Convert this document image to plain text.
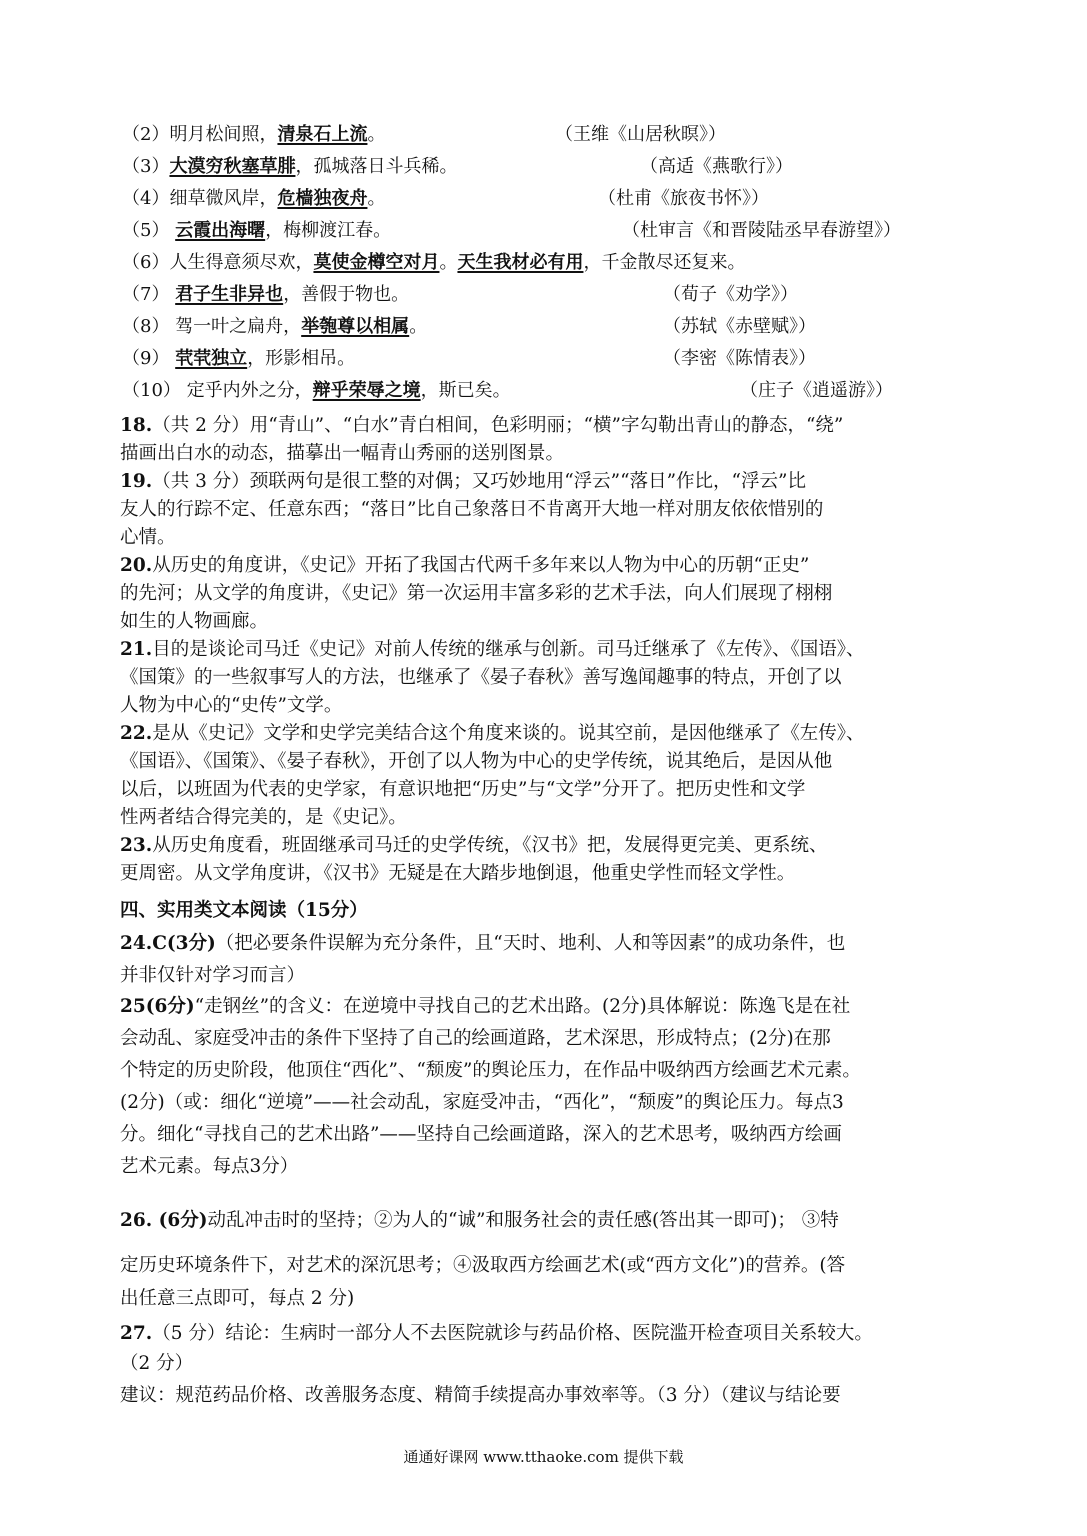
（2）明月松间照，清泉石上流。	（王维《山居秋暝》）
（3）大漠穷秋塞草腓，孤城落日斗兵稀。	（高适《燕歌行》）
（4）细草微风岸，危樯独夜舟。	（杜甫《旅夜书怀》）
（5） 云霞出海曙，梅柳渡江春。	（杜审言《和晋陵陆丞早春游望》）
（6）人生得意须尽欢，莫使金樽空对月。天生我材必有用，千金散尽还复来。
（7） 君子生非异也，善假于物也。	（荀子《劝学》）
（8） 驾一叶之扁舟，举匏尊以相属。	（苏轼《赤壁赋》）
（9） 茕茕独立，形影相吊。	（李密《陈情表》）
（10） 定乎内外之分，辩乎荣辱之境，斯已矣。	（庄子《逍遥游》）
18.（共 2 分）用“青山”、“白水”青白相间，色彩明丽；“横”字勾勒出青山的静态，“绕”
描画出白水的动态，描摹出一幅青山秀丽的送别图景。
19.（共 3 分）颈联两句是很工整的对偶；又巧妙地用“浮云”“落日”作比，“浮云”比
友人的行踪不定、任意东西；“落日”比自己象落日不肯离开大地一样对朋友依依惜别的
心情。
20.从历史的角度讲，《史记》开拓了我国古代两千多年来以人物为中心的历朝“正史”
的先河；从文学的角度讲，《史记》第一次运用丰富多彩的艺术手法，向人们展现了栩栩
如生的人物画廊。
21.目的是谈论司马迁《史记》对前人传统的继承与创新。司马迁继承了《左传》、《国语》、
《国策》的一些叙事写人的方法，也继承了《晏子春秋》善写逸闻趣事的特点，开创了以
人物为中心的“史传”文学。
22.是从《史记》文学和史学完美结合这个角度来谈的。说其空前，是因他继承了《左传》、
《国语》、《国策》、《晏子春秋》，开创了以人物为中心的史学传统，说其绝后，是因从他
以后，以班固为代表的史学家，有意识地把“历史”与“文学”分开了。把历史性和文学
性两者结合得完美的，是《史记》。
23.从历史角度看，班固继承司马迁的史学传统，《汉书》把，发展得更完美、更系统、
更周密。从文学角度讲，《汉书》无疑是在大踏步地倒退，他重史学性而轻文学性。
四、实用类文本阅读（15分）
24.C(3分)（把必要条件误解为充分条件，且“天时、地利、人和等因素”的成功条件，也
并非仅针对学习而言）
25(6分)“走钢丝”的含义：在逆境中寻找自己的艺术出路。(2分)具体解说：陈逸飞是在社
会动乱、家庭受冲击的条件下坚持了自己的绘画道路，艺术深思，形成特点；(2分)在那
个特定的历史阶段，他顶住“西化”、“颓废”的舆论压力，在作品中吸纳西方绘画艺术元素。
(2分)（或：细化“逆境”——社会动乱，家庭受冲击，“西化”，“颓废”的舆论压力。每点3
分。细化“寻找自己的艺术出路”——坚持自己绘画道路，深入的艺术思考，吸纳西方绘画
艺术元素。每点3分）
26. (6分)动乱冲击时的坚持；②为人的“诚”和服务社会的责任感(答出其一即可)； ③特
定历史环境条件下，对艺术的深沉思考；④汲取西方绘画艺术(或“西方文化”)的营养。(答
出任意三点即可，每点 2 分)
27.（5 分）结论：生病时一部分人不去医院就诊与药品价格、医院滥开检查项目关系较大。
（2 分）
建议：规范药品价格、改善服务态度、精简手续提高办事效率等。（3 分）（建议与结论要
通通好课网 www.tthaoke.com 提供下载
